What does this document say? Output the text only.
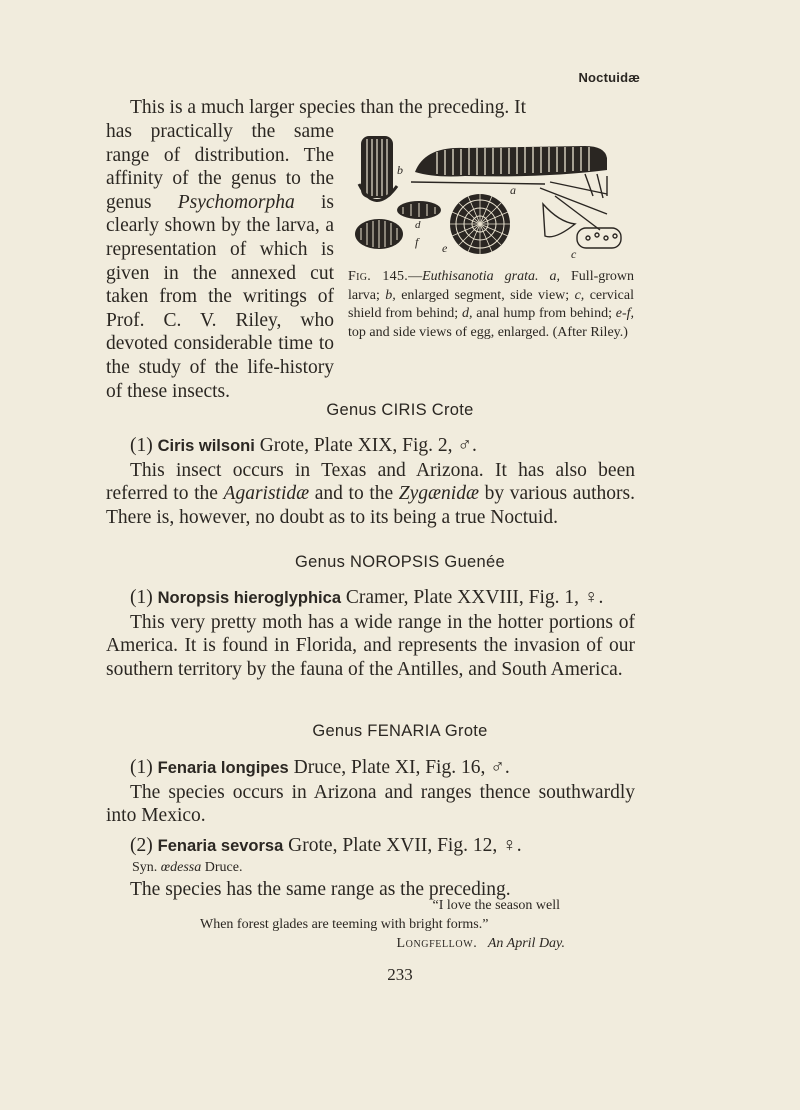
Noctuidæ
This is a much larger species than the preceding. It

has practically the same range of distribution. The affinity of the genus to the genus Psychomorpha is clearly shown by the larva, a representation of which is given in the annexed cut taken from the writings of Prof. C. V. Riley, who devoted considerable time to the study of the life-history of these insects.

b
a
d
f e	c
Fig. 145.—Euthisanotia grata. a, Full-grown larva; b, enlarged segment, side view; c, cervical shield from behind; d, anal hump from behind; e-f, top and side views of egg, enlarged. (After Riley.)
Genus CIRIS Crote

(1) Ciris wilsoni Grote, Plate XIX, Fig. 2, ♂.

This insect occurs in Texas and Arizona. It has also been referred to the Agaristidæ and to the Zygænidæ by various authors. There is, however, no doubt as to its being a true Noctuid.

Genus NOROPSIS Guenée

(1) Noropsis hieroglyphica Cramer, Plate XXVIII, Fig. 1, ♀.

This very pretty moth has a wide range in the hotter portions of America. It is found in Florida, and represents the invasion of our southern territory by the fauna of the Antilles, and South America.

Genus FENARIA Grote

(1) Fenaria longipes Druce, Plate XI, Fig. 16, ♂.

The species occurs in Arizona and ranges thence southwardly into Mexico.

(2) Fenaria sevorsa Grote, Plate XVII, Fig. 12, ♀.

Syn. œdessa Druce.

The species has the same range as the preceding.

“I love the season well
When forest glades are teeming with bright forms.”
Longfellow. An April Day.
233
